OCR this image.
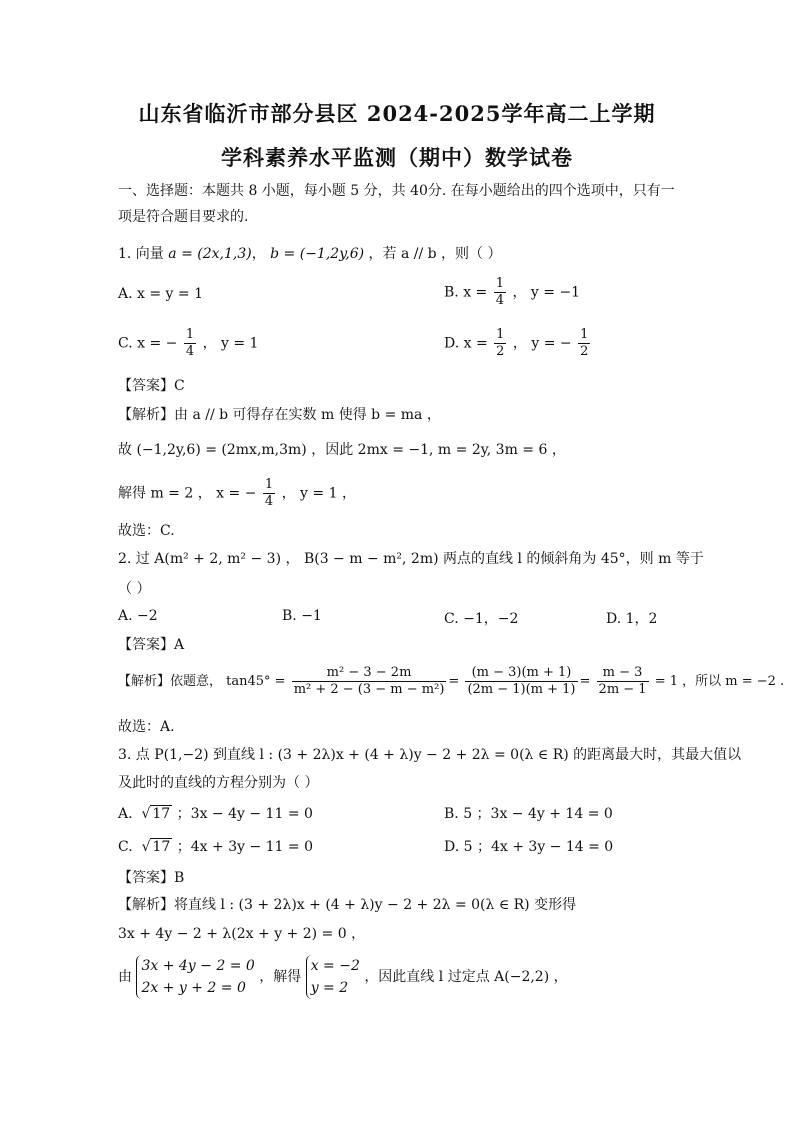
山东省临沂市部分县区 2024-2025学年高二上学期
学科素养水平监测（期中）数学试卷
一、选择题：本题共 8 小题，每小题 5 分，共 40分. 在每小题给出的四个选项中，只有一
项是符合题目要求的.
1. 向量 a = (2x,1,3)， b = (−1,2y,6) ，若 a // b ，则（ ）
A. x = y = 1	B. $x = \frac{1}{4}$ ， y = −1
C. x = − $\frac{1}{4}$ ， y = 1	D. $x = \frac{1}{2}$ ， y = − $\frac{1}{2}$
【答案】C
【解析】由 a // b 可得存在实数 m 使得 b = ma ，
故 (−1,2y,6) = (2mx,m,3m) ，因此 2mx = −1, m = 2y, 3m = 6 ，
解得 m = 2 ， x = − $\frac{1}{4}$ ， y = 1 ，
故选：C.
2. 过 A(m² + 2, m² − 3) ， B(3 − m − m², 2m) 两点的直线 l 的倾斜角为 45°，则 m 等于
（ ）
A. −2	B. −1	C. −1，−2	D. 1，2
【答案】A
【解析】依题意， $\tan 45^\circ = \frac{\text{m² − 3 − 2m}}{\text{m² + 2 − (3 − m − m²)}} = \frac{(m - 3)(m + 1)}{(2m - 1)(m + 1)} = \frac{m - 3}{2m - 1} = 1$ ，所以 m = −2 .
故选：A.
3. 点 P(1,−2) 到直线 l : (3 + 2λ)x + (4 + λ)y − 2 + 2λ = 0(λ ∈ R) 的距离最大时，其最大值以
及此时的直线的方程分别为（ ）
A.  √ 17 ；3x − 4y − 11 = 0	B. 5 ；3x − 4y + 14 = 0
C.  √ 17 ；4x + 3y − 11 = 0	D. 5 ；4x + 3y − 14 = 0
【答案】B
【解析】将直线 l : (3 + 2λ)x + (4 + λ)y − 2 + 2λ = 0(λ ∈ R) 变形得
3x + 4y − 2 + λ(2x + y + 2) = 0 ，
由
3x + 4y − 2 = 0
2x + y + 2 = 0
，解得
x = −2
y = 2
，因此直线 l 过定点 A(−2,2) ，
